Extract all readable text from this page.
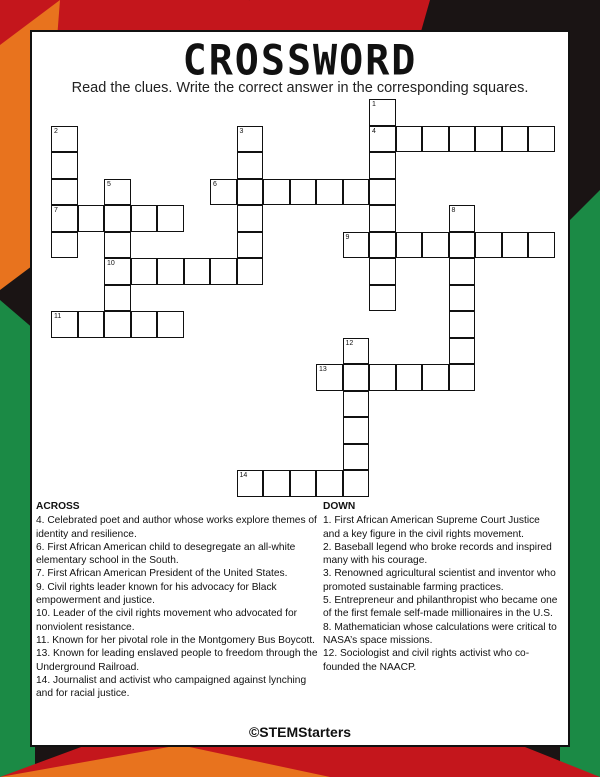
CROSSWORD
Read the clues. Write the correct answer in the corresponding squares.
1
4
2
7
3
5
10
6
8
9
11
12
13
14
ACROSS
4. Celebrated poet and author whose works explore themes of identity and resilience.
6. First African American child to desegregate an all-white elementary school in the South.
7. First African American President of the United States.
9. Civil rights leader known for his advocacy for Black empowerment and justice.
10. Leader of the civil rights movement who advocated for nonviolent resistance.
11. Known for her pivotal role in the Montgomery Bus Boycott.
13. Known for leading enslaved people to freedom through the Underground Railroad.
14. Journalist and activist who campaigned against lynching and for racial justice.
DOWN
1. First African American Supreme Court Justice and a key figure in the civil rights movement.
2. Baseball legend who broke records and inspired many with his courage.
3. Renowned agricultural scientist and inventor who promoted sustainable farming practices.
5. Entrepreneur and philanthropist who became one of the first female self-made millionaires in the U.S.
8. Mathematician whose calculations were critical to NASA’s space missions.
12. Sociologist and civil rights activist who co-founded the NAACP.
©STEMStarters
